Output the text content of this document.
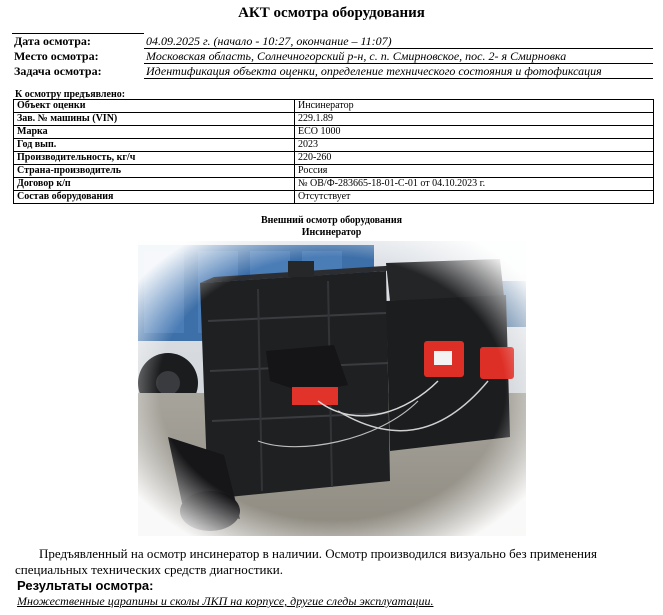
АКТ осмотра оборудования
Дата осмотра:	04.09.2025 г. (начало - 10:27, окончание – 11:07)
Место осмотра:	Московская область, Солнечногорский р-н, с. п. Смирновское, пос. 2- я Смирновка
Задача осмотра:	Идентификация объекта оценки, определение технического состояния и фотофиксация
К осмотру предъявлено:
Объект оценки	Инсинератор
Зав. № машины (VIN)	229.1.89
Марка	ECO 1000
Год вып.	2023
Производительность, кг/ч	220-260
Страна-производитель	Россия
Договор к/п	№ ОВ/Ф-283665-18-01-С-01 от 04.10.2023 г.
Состав оборудования	Отсутствует
Внешний осмотр оборудования
Инсинератор
Предъявленный на осмотр инсинератор в наличии. Осмотр производился визуально без применения специальных технических средств диагностики.
Результаты осмотра:
Множественные царапины и сколы ЛКП на корпусе, другие следы эксплуатации.
